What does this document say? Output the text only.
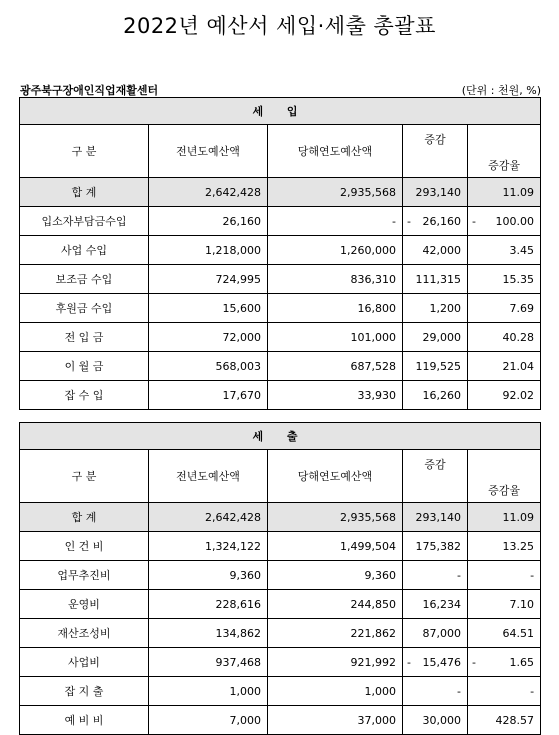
2022년 예산서 세입·세출 총괄표
광주북구장애인직업재활센터	(단위 : 천원, %)
세 입				
구 분	전년도예산액	당해연도예산액	증감	
				증감율
합 계	2,642,428	2,935,568	293,140	11.09
입소자부담금수입	26,160	-	- 26,160	- 100.00
사업 수입	1,218,000	1,260,000	42,000	3.45
보조금 수입	724,995	836,310	111,315	15.35
후원금 수입	15,600	16,800	1,200	7.69
전 입 금	72,000	101,000	29,000	40.28
이 월 금	568,003	687,528	119,525	21.04
잡 수 입	17,670	33,930	16,260	92.02
세 출				
구 분	전년도예산액	당해연도예산액	증감	
				증감율
합 계	2,642,428	2,935,568	293,140	11.09
인 건 비	1,324,122	1,499,504	175,382	13.25
업무추진비	9,360	9,360	-	-
운영비	228,616	244,850	16,234	7.10
재산조성비	134,862	221,862	87,000	64.51
사업비	937,468	921,992	- 15,476	- 1.65
잡 지 출	1,000	1,000	-	-
예 비 비	7,000	37,000	30,000	428.57
